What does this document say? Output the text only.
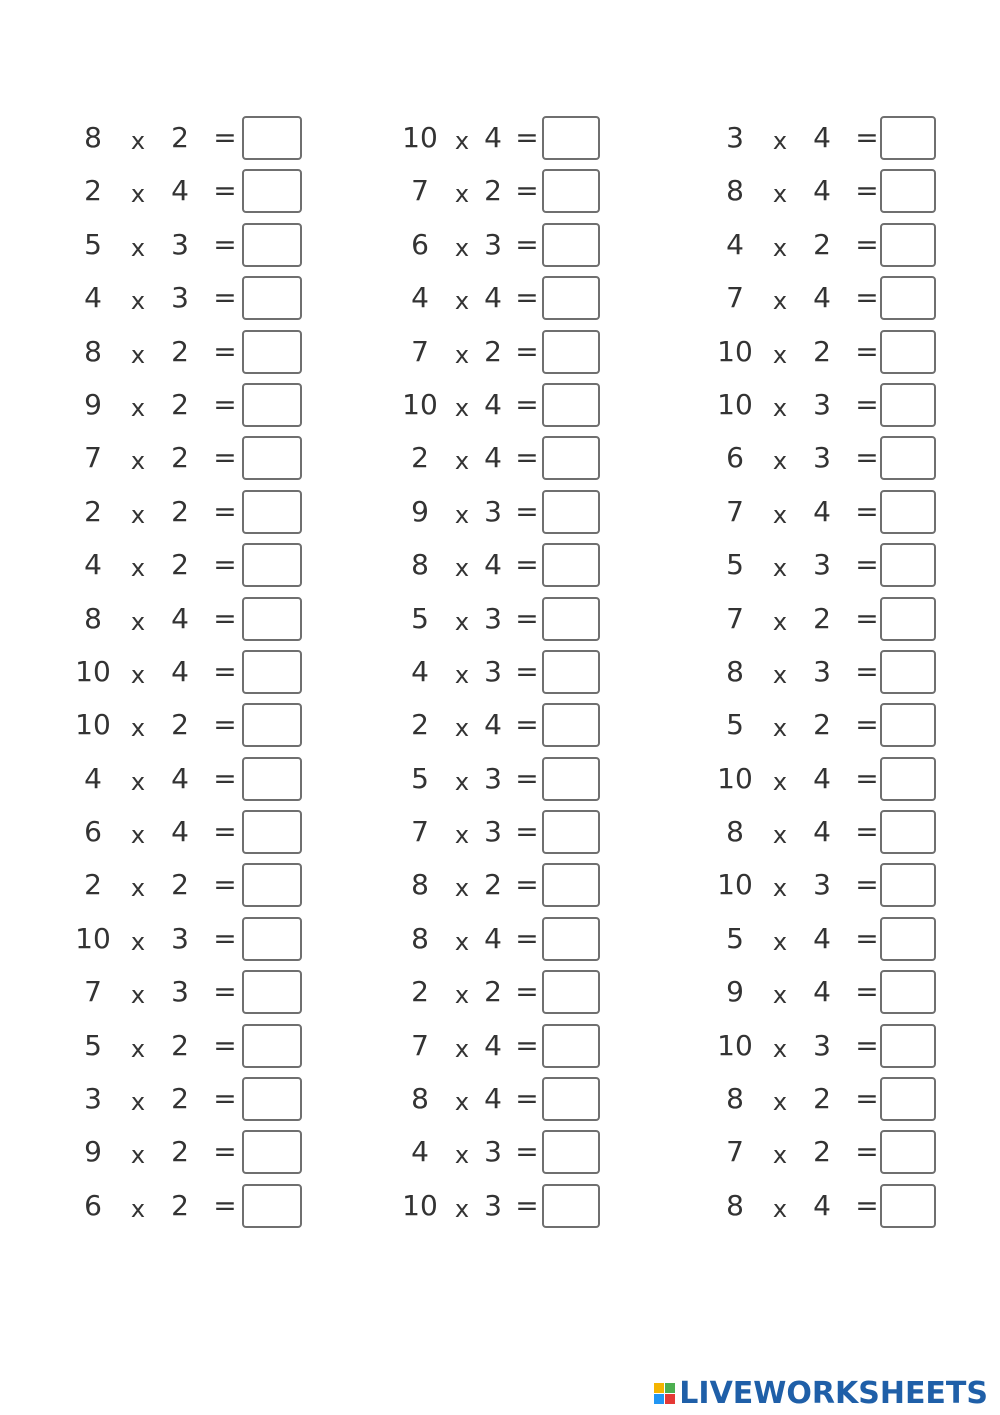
8	x 2 =
2	x 4 =
5	x 3 =
4	x 3 =
8	x 2 =
9	x 2 =
7	x 2 =
2	x 2 =
4	x 2 =
8	x 4 =
10 x 4 =
10 x 2 =
4	x 4 =
6	x 4 =
2	x 2 =
10 x 3 =
7	x 3 =
5	x 2 =
3	x 2 =
9	x 2 =
6	x 2 =
10 x 4 =
7	x 2 =
6	x 3 =
4	x 4 =
7	x 2 =
10 x 4 =
2	x 4 =
9	x 3 =
8	x 4 =
5	x 3 =
4	x 3 =
2	x 4 =
5	x 3 =
7	x 3 =
8	x 2 =
8	x 4 =
2	x 2 =
7	x 4 =
8	x 4 =
4	x 3 =
10 x 3 =
3	x 4 =
8	x 4 =
4	x 2 =
7	x 4 =
10 x 2 =
10 x 3 =
6	x 3 =
7	x 4 =
5	x 3 =
7	x 2 =
8	x 3 =
5	x 2 =
10 x 4 =
8	x 4 =
10 x 3 =
5	x 4 =
9	x 4 =
10 x 3 =
8	x 2 =
7	x 2 =
8	x 4 =
LIVEWORKSHEETS
